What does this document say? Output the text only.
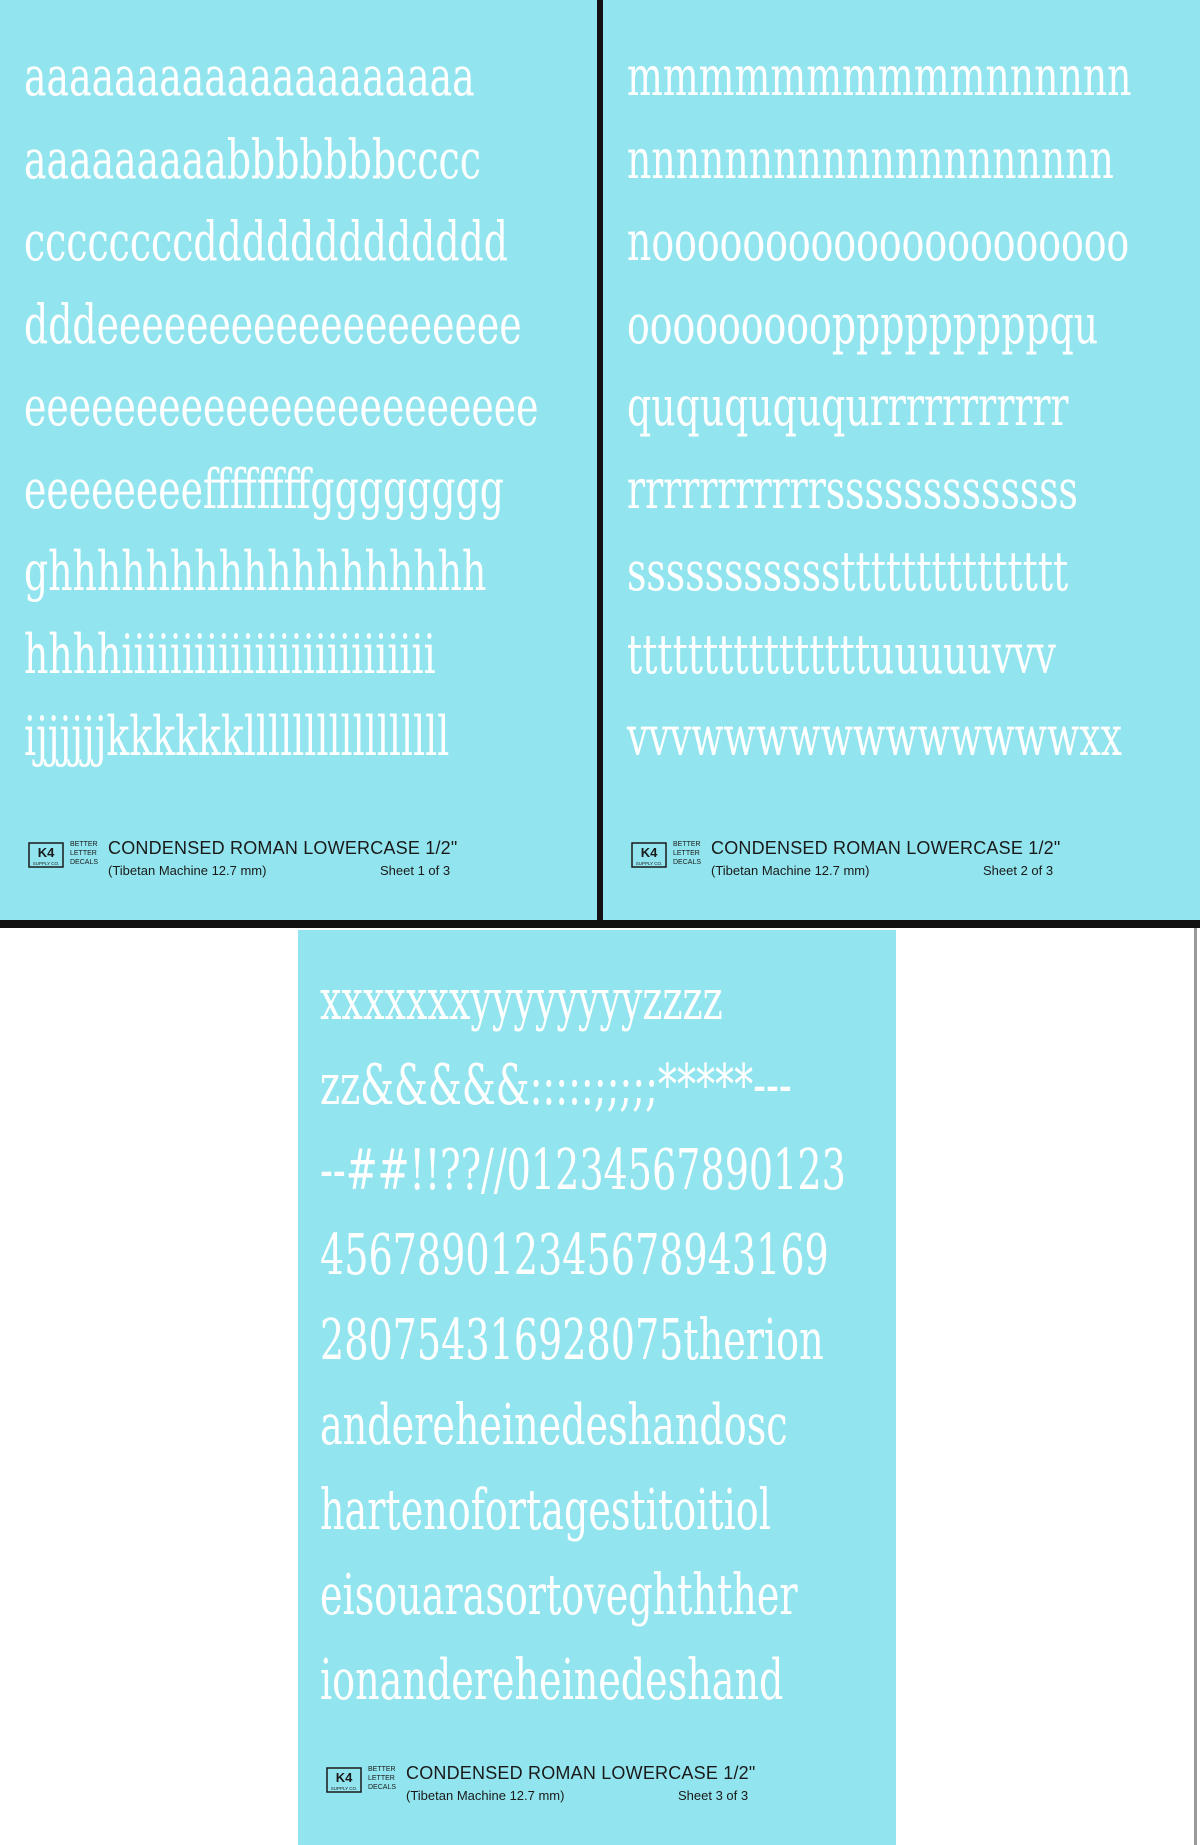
aaaaaaaaaaaaaaaaaaaa
aaaaaaaaabbbbbbbcccc
ccccccccddddddddddddd
dddeeeeeeeeeeeeeeeeeee
eeeeeeeeeeeeeeeeeeeeeee
eeeeeeeeffffffffgggggggg
ghhhhhhhhhhhhhhhhhh
hhhhiiiiiiiiiiiiiiiiiiiiiiiiii
ijjjjjjkkkkkklllllllllllllllll
K4
SUPPLY CO.
BETTER
LETTER
DECALS
CONDENSED ROMAN LOWERCASE 1/2"
(Tibetan Machine 12.7 mm)	Sheet 1 of 3
mmmmmmmmmmnnnnnn
nnnnnnnnnnnnnnnnnnnn
nooooooooooooooooooooo
ooooooooopppppppppqu
quququququrrrrrrrrrrr
rrrrrrrrrrrsssssssssssss
sssssssssssttttttttttttttt
ttttttttttttttttuuuuuvvv
vvvwwwwwwwwwwwwxx
K4
SUPPLY CO.
BETTER
LETTER
DECALS
CONDENSED ROMAN LOWERCASE 1/2"
(Tibetan Machine 12.7 mm)	Sheet 2 of 3
xxxxxxxyyyyyyyyzzzz
zz&&&&&:::::;;;;;*****---
--##!!??//01234567890123
45678901234567894316​9
280754316928075therion
andereheinedeshandosc
hartenofortagestitoitiol
eisouarasortoveghthther
ionandereheinedeshand
K4
SUPPLY CO.
BETTER
LETTER
DECALS
CONDENSED ROMAN LOWERCASE 1/2"
(Tibetan Machine 12.7 mm)	Sheet 3 of 3
